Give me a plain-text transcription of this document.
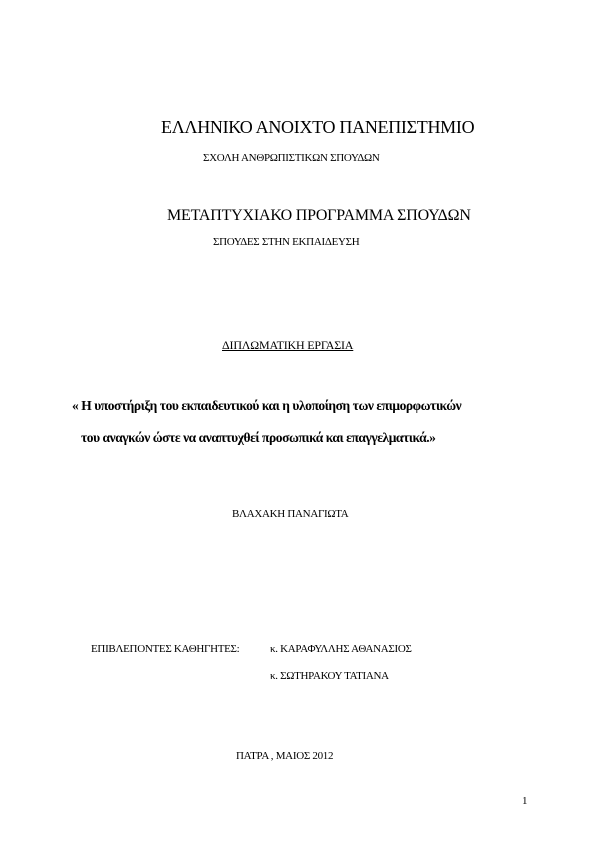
ΕΛΛΗΝΙΚΟ ΑΝΟΙΧΤΟ ΠΑΝΕΠΙΣΤΗΜΙΟ

ΣΧΟΛΗ ΑΝΘΡΩΠΙΣΤΙΚΩΝ ΣΠΟΥΔΩΝ

ΜΕΤΑΠΤΥΧΙΑΚΟ ΠΡΟΓΡΑΜΜΑ ΣΠΟΥΔΩΝ

ΣΠΟΥΔΕΣ ΣΤΗΝ ΕΚΠΑΙΔΕΥΣΗ

ΔΙΠΛΩΜΑΤΙΚΗ ΕΡΓΑΣΙΑ

« Η υποστήριξη του εκπαιδευτικού και η υλοποίηση των επιμορφωτικών

του αναγκών ώστε να αναπτυχθεί προσωπικά και επαγγελματικά.»

ΒΛΑΧΑΚΗ ΠΑΝΑΓΙΩΤΑ

ΕΠΙΒΛΕΠΟΝΤΕΣ ΚΑΘΗΓΗΤΕΣ:	κ. ΚΑΡΑΦΥΛΛΗΣ ΑΘΑΝΑΣΙΟΣ

κ. ΣΩΤΗΡΑΚΟΥ ΤΑΤΙΑΝΑ

ΠΑΤΡΑ , ΜΑΙΟΣ 2012

1
